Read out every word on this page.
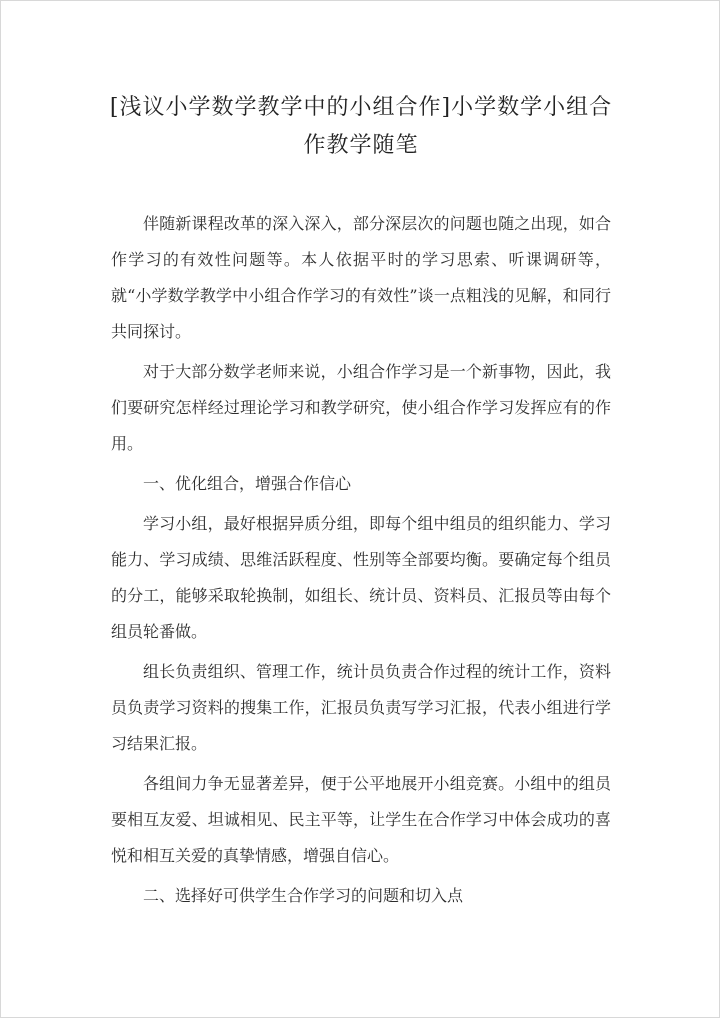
[浅议小学数学教学中的小组合作]小学数学小组合作教学随笔

伴随新课程改革的深入深入，部分深层次的问题也随之出现，如合作学习的有效性问题等。本人依据平时的学习思索、听课调研等，就“小学数学教学中小组合作学习的有效性”谈一点粗浅的见解，和同行共同探讨。

对于大部分数学老师来说，小组合作学习是一个新事物，因此，我们要研究怎样经过理论学习和教学研究，使小组合作学习发挥应有的作用。

一、优化组合，增强合作信心

学习小组，最好根据异质分组，即每个组中组员的组织能力、学习能力、学习成绩、思维活跃程度、性别等全部要均衡。要确定每个组员的分工，能够采取轮换制，如组长、统计员、资料员、汇报员等由每个组员轮番做。

组长负责组织、管理工作，统计员负责合作过程的统计工作，资料员负责学习资料的搜集工作，汇报员负责写学习汇报，代表小组进行学习结果汇报。

各组间力争无显著差异，便于公平地展开小组竞赛。小组中的组员要相互友爱、坦诚相见、民主平等，让学生在合作学习中体会成功的喜悦和相互关爱的真挚情感，增强自信心。

二、选择好可供学生合作学习的问题和切入点
